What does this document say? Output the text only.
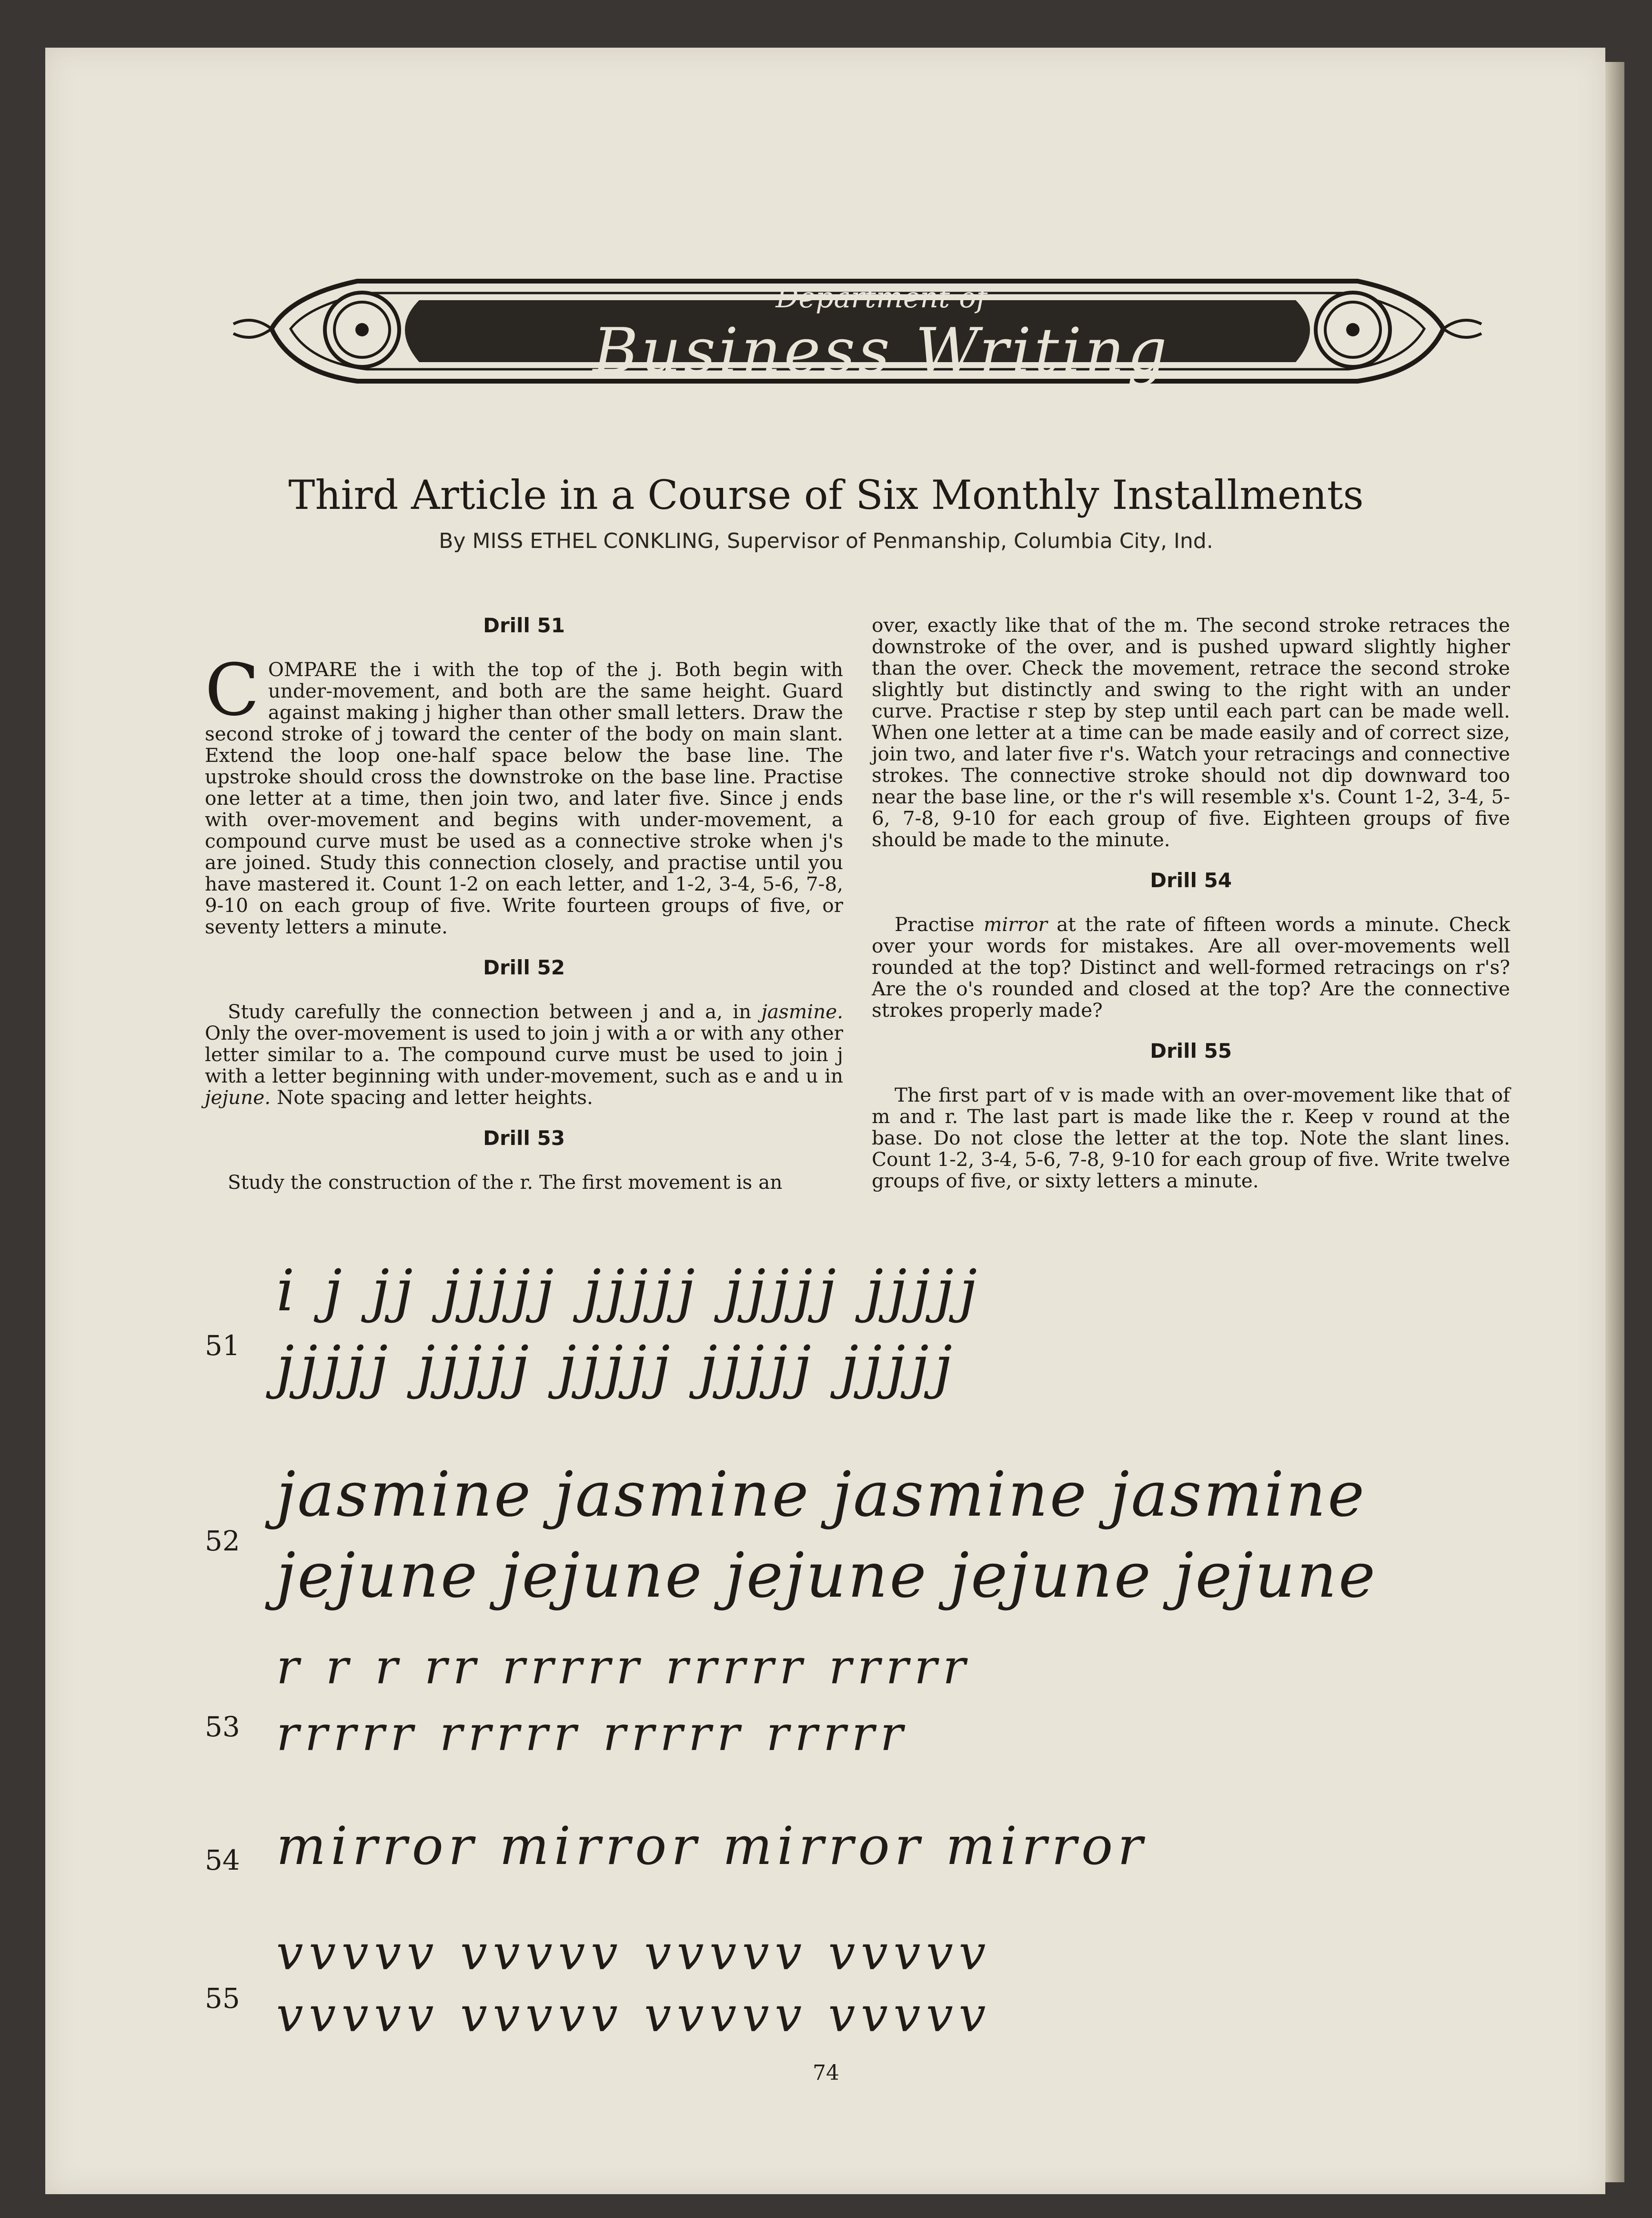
Department of
Business Writing
Third Article in a Course of Six Monthly Installments
By MISS ETHEL CONKLING, Supervisor of Penmanship, Columbia City, Ind.
Drill 51

COMPARE the i with the top of the j. Both begin with under-movement, and both are the same height. Guard against making j higher than other small letters. Draw the second stroke of j toward the center of the body on main slant. Extend the loop one-half space below the base line. The upstroke should cross the downstroke on the base line. Practise one letter at a time, then join two, and later five. Since j ends with over-movement and begins with under-movement, a compound curve must be used as a connective stroke when j's are joined. Study this connection closely, and practise until you have mastered it. Count 1-2 on each letter, and 1-2, 3-4, 5-6, 7-8, 9-10 on each group of five. Write fourteen groups of five, or seventy letters a minute.

Drill 52

Study carefully the connection between j and a, in jasmine. Only the over-movement is used to join j with a or with any other letter similar to a. The compound curve must be used to join j with a letter beginning with under-movement, such as e and u in jejune. Note spacing and letter heights.

Drill 53

Study the construction of the r. The first movement is an

over, exactly like that of the m. The second stroke retraces the downstroke of the over, and is pushed upward slightly higher than the over. Check the movement, retrace the second stroke slightly but distinctly and swing to the right with an under curve. Practise r step by step until each part can be made well. When one letter at a time can be made easily and of correct size, join two, and later five r's. Watch your retracings and connective strokes. The connective stroke should not dip downward too near the base line, or the r's will resemble x's. Count 1-2, 3-4, 5-6, 7-8, 9-10 for each group of five. Eighteen groups of five should be made to the minute.

Drill 54

Practise mirror at the rate of fifteen words a minute. Check over your words for mistakes. Are all over-movements well rounded at the top? Distinct and well-formed retracings on r's? Are the o's rounded and closed at the top? Are the connective strokes properly made?

Drill 55

The first part of v is made with an over-movement like that of m and r. The last part is made like the r. Keep v round at the base. Do not close the letter at the top. Note the slant lines. Count 1-2, 3-4, 5-6, 7-8, 9-10 for each group of five. Write twelve groups of five, or sixty letters a minute.

51
i j jj jjjjj jjjjj jjjjj jjjjj
jjjjj jjjjj jjjjj jjjjj jjjjj
52
jasmine jasmine jasmine jasmine
jejune jejune jejune jejune jejune
53
r r r rr rrrrr rrrrr rrrrr
rrrrr rrrrr rrrrr rrrrr
54 mirror mirror mirror mirror
55
vvvvv vvvvv vvvvv vvvvv
vvvvv vvvvv vvvvv vvvvv
74
